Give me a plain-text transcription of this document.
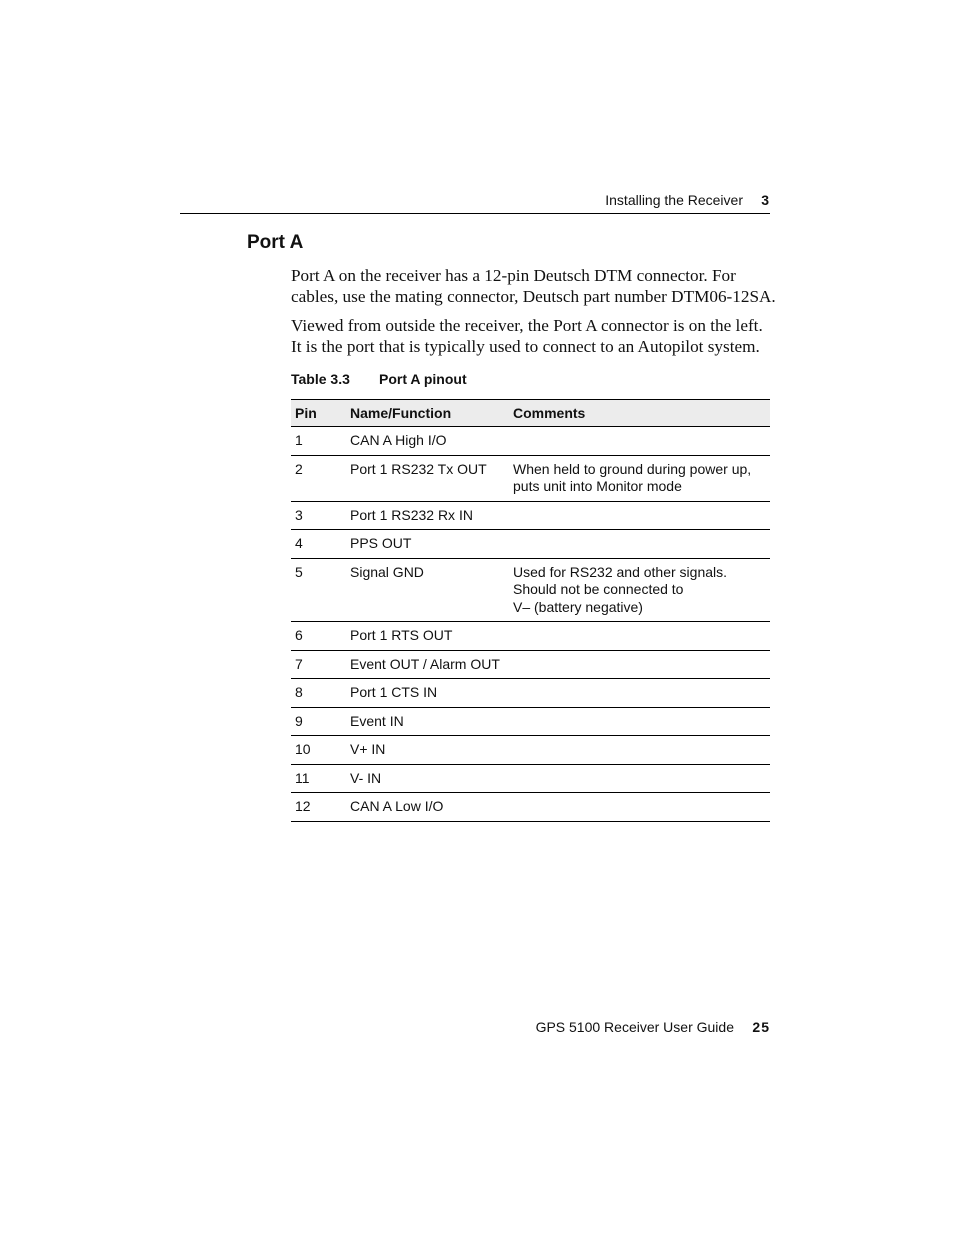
Installing the Receiver 3
Port A

Port A on the receiver has a 12-pin Deutsch DTM connector. For cables, use the mating connector, Deutsch part number DTM06-12SA.

Viewed from outside the receiver, the Port A connector is on the left. It is the port that is typically used to connect to an Autopilot system.

Table 3.3 Port A pinout
Pin	Name/Function	Comments
1	CAN A High I/O	
2	Port 1 RS232 Tx OUT	When held to ground during power up, puts unit into Monitor mode
3	Port 1 RS232 Rx IN	
4	PPS OUT	
5	Signal GND	Used for RS232 and other signals.
Should not be connected to
V– (battery negative)
6	Port 1 RTS OUT	
7	Event OUT / Alarm OUT	
8	Port 1 CTS IN	
9	Event IN	
10	V+ IN	
11	V- IN	
12	CAN A Low I/O	
GPS 5100 Receiver User Guide 25
